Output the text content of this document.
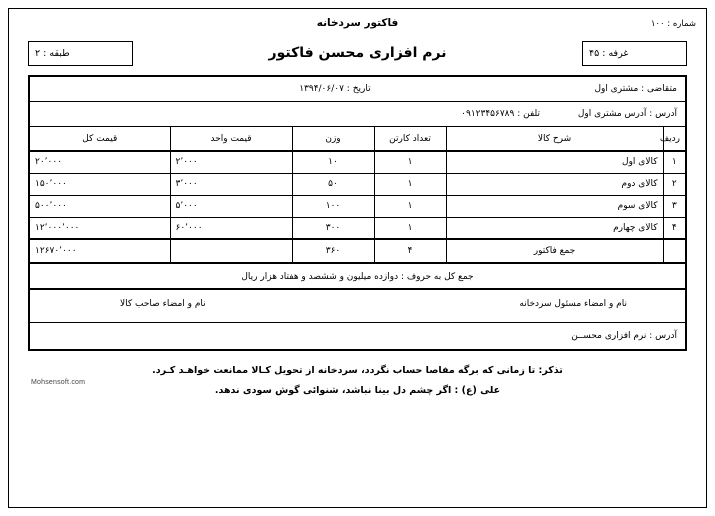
شماره : ۱۰۰
فاکتور سردخانه
غرفه : ۴۵
نرم افزاری محسن فاکتور
طبقه : ۲
متقاضی : مشتری اول
تاریخ : ۱۳۹۴/۰۶/۰۷
آدرس : آدرس مشتری اول
تلفن : ۰۹۱۲۳۴۵۶۷۸۹
ردیف	شرح کالا	تعداد کارتن	وزن	قیمت واحد	قیمت کل
۱	کالای اول	۱	۱۰	۲٬۰۰۰	۲۰٬۰۰۰
۲	کالای دوم	۱	۵۰	۳٬۰۰۰	۱۵۰٬۰۰۰
۳	کالای سوم	۱	۱۰۰	۵٬۰۰۰	۵۰۰٬۰۰۰
۴	کالای چهارم	۱	۳۰۰	۶۰٬۰۰۰	۱۲٬۰۰۰٬۰۰۰
	جمع فاکتور	۴	۳۶۰		۱۲۶۷۰٬۰۰۰
جمع کل به حروف : دوازده میلیون و ششصد و هفتاد هزار ریال
نام و امضاء مسئول سردخانه
نام و امضاء صاحب کالا
آدرس : نرم افزاری محســن
Mohsensoft.com
تذکر: تا زمانی که برگه مفاصا حساب نگردد، سردخانه از تحویل کـالا ممانعت خواهـد کـرد.
علی (ع) : اگر چشم دل بینا نباشد، شنوائی گوش سودی ندهد.
